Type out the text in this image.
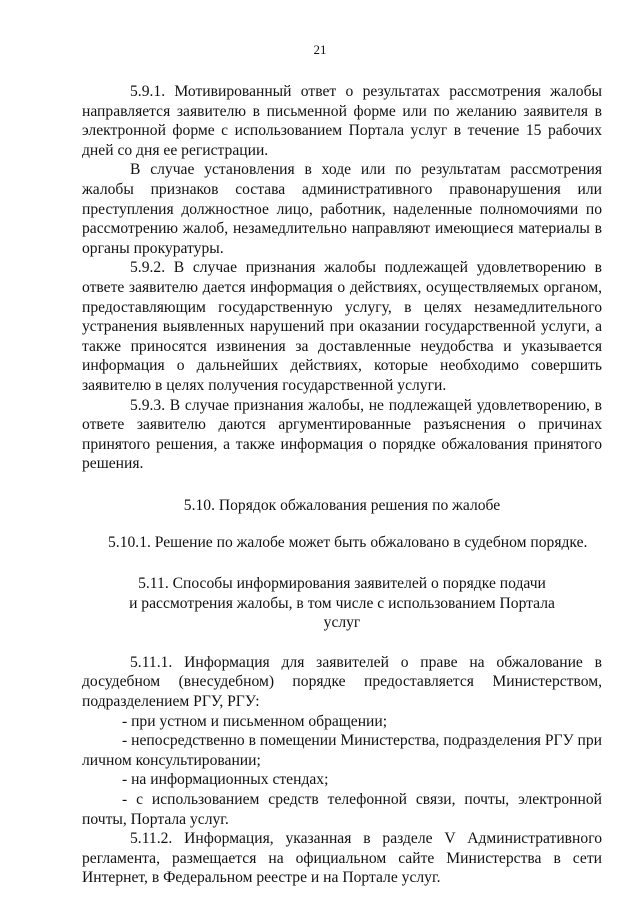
21

5.9.1. Мотивированный ответ о результатах рассмотрения жалобы направляется заявителю в письменной форме или по желанию заявителя в электронной форме с использованием Портала услуг в течение 15 рабочих дней со дня ее регистрации.

В случае установления в ходе или по результатам рассмотрения жалобы признаков состава административного правонарушения или преступления должностное лицо, работник, наделенные полномочиями по рассмотрению жалоб, незамедлительно направляют имеющиеся материалы в органы прокуратуры.

5.9.2. В случае признания жалобы подлежащей удовлетворению в ответе заявителю дается информация о действиях, осуществляемых органом, предоставляющим государственную услугу, в целях незамедлительного устранения выявленных нарушений при оказании государственной услуги, а также приносятся извинения за доставленные неудобства и указывается информация о дальнейших действиях, которые необходимо совершить заявителю в целях получения государственной услуги.

5.9.3. В случае признания жалобы, не подлежащей удовлетворению, в ответе заявителю даются аргументированные разъяснения о причинах принятого решения, а также информация о порядке обжалования принятого решения.

5.10. Порядок обжалования решения по жалобе

5.10.1. Решение по жалобе может быть обжаловано в судебном порядке.

5.11. Способы информирования заявителей о порядке подачи
и рассмотрения жалобы, в том числе с использованием Портала
услуг

5.11.1. Информация для заявителей о праве на обжалование в досудебном (внесудебном) порядке предоставляется Министерством, подразделением РГУ, РГУ:

- при устном и письменном обращении;

- непосредственно в помещении Министерства, подразделения РГУ при личном консультировании;

- на информационных стендах;

- с использованием средств телефонной связи, почты, электронной почты, Портала услуг.

5.11.2. Информация, указанная в разделе V Административного регламента, размещается на официальном сайте Министерства в сети Интернет, в Федеральном реестре и на Портале услуг.
